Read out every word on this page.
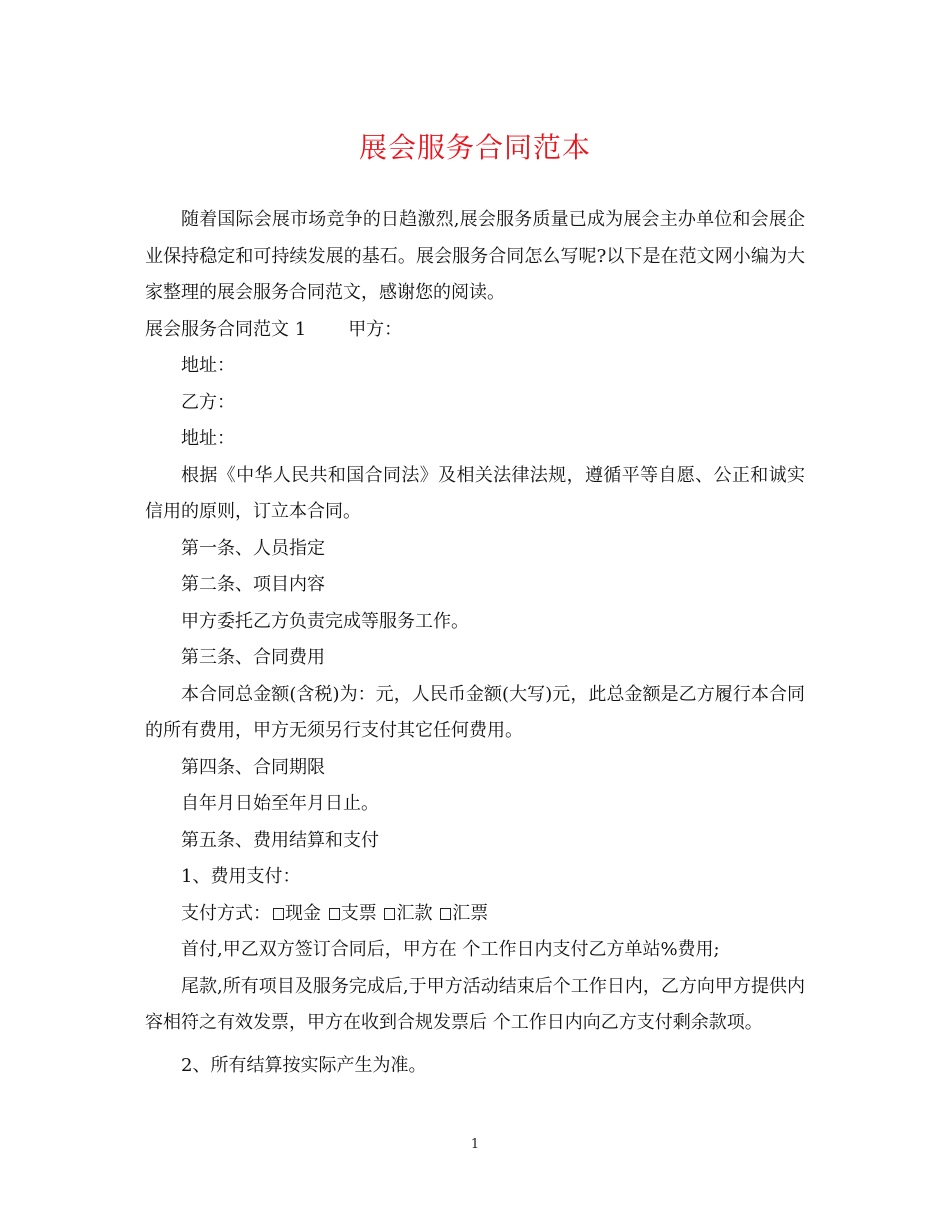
展会服务合同范本

随着国际会展市场竞争的日趋激烈,展会服务质量已成为展会主办单位和会展企业保持稳定和可持续发展的基石。展会服务合同怎么写呢?以下是在范文网小编为大家整理的展会服务合同范文，感谢您的阅读。

展会服务合同范文 1 甲方：

地址：

乙方：

地址：

根据《中华人民共和国合同法》及相关法律法规，遵循平等自愿、公正和诚实信用的原则，订立本合同。

第一条、人员指定

第二条、项目内容

甲方委托乙方负责完成等服务工作。

第三条、合同费用

本合同总金额(含税)为：元，人民币金额(大写)元，此总金额是乙方履行本合同的所有费用，甲方无须另行支付其它任何费用。

第四条、合同期限

自年月日始至年月日止。

第五条、费用结算和支付

1、费用支付：

支付方式： 现金 支票 汇款 汇票

首付,甲乙双方签订合同后，甲方在 个工作日内支付乙方单站%费用;

尾款,所有项目及服务完成后,于甲方活动结束后个工作日内，乙方向甲方提供内容相符之有效发票，甲方在收到合规发票后 个工作日内向乙方支付剩余款项。

2、所有结算按实际产生为准。

1
